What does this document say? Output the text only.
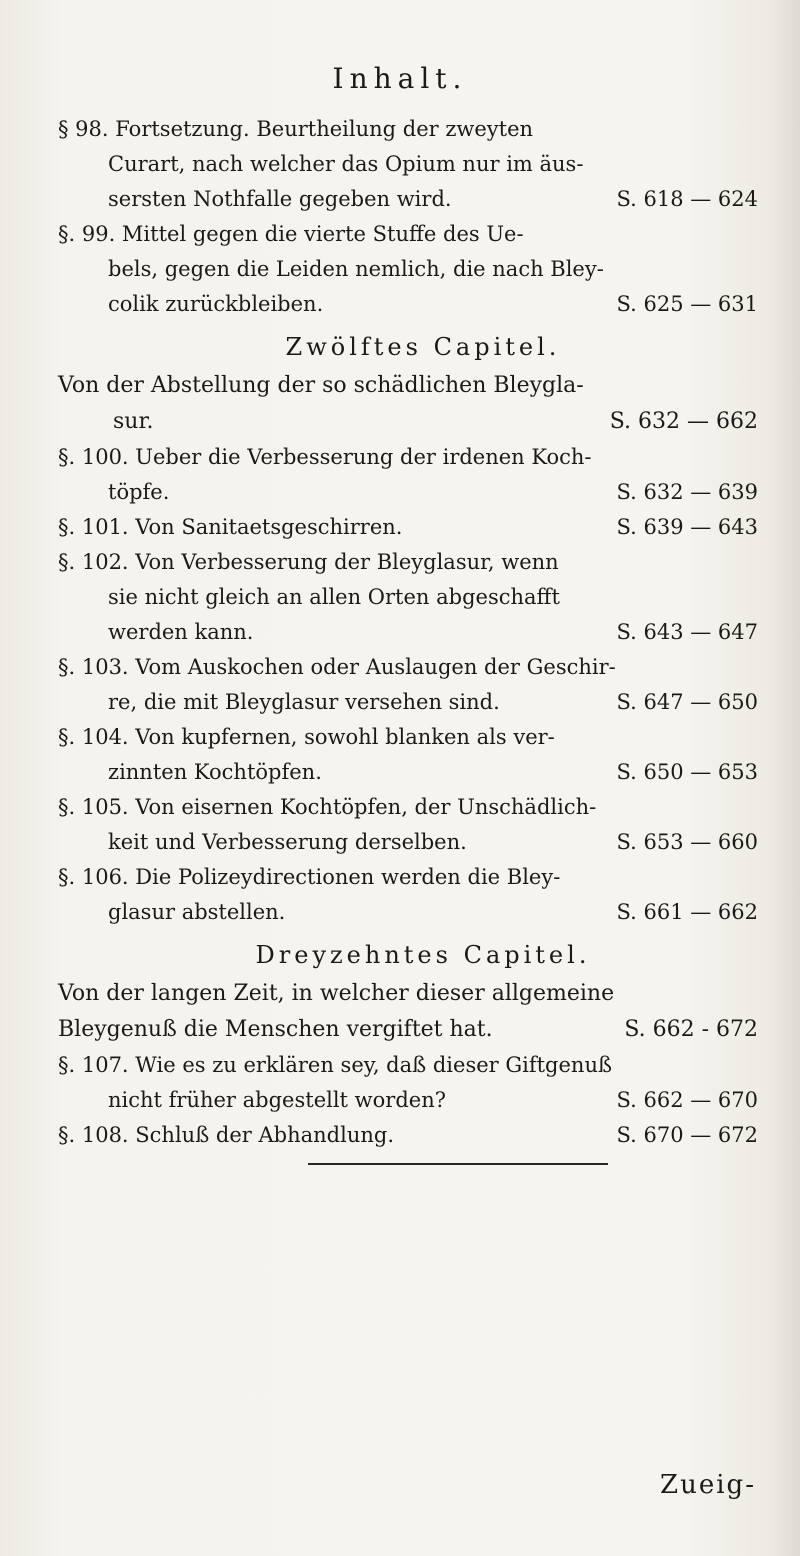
Inhalt.
§ 98. Fortsetzung. Beurtheilung der zweyten
Curart, nach welcher das Opium nur im äus-
sersten Nothfalle gegeben wird.	S. 618 — 624
§. 99. Mittel gegen die vierte Stuffe des Ue-
bels, gegen die Leiden nemlich, die nach Bley-
colik zurückbleiben.	S. 625 — 631
Zwölftes Capitel.
Von der Abstellung der so schädlichen Bleygla-
sur.	S. 632 — 662
§. 100. Ueber die Verbesserung der irdenen Koch-
töpfe.	S. 632 — 639
§. 101. Von Sanitaetsgeschirren.	S. 639 — 643
§. 102. Von Verbesserung der Bleyglasur, wenn
sie nicht gleich an allen Orten abgeschafft
werden kann.	S. 643 — 647
§. 103. Vom Auskochen oder Auslaugen der Geschir-
re, die mit Bleyglasur versehen sind.	S. 647 — 650
§. 104. Von kupfernen, sowohl blanken als ver-
zinnten Kochtöpfen.	S. 650 — 653
§. 105. Von eisernen Kochtöpfen, der Unschädlich-
keit und Verbesserung derselben.	S. 653 — 660
§. 106. Die Polizeydirectionen werden die Bley-
glasur abstellen.	S. 661 — 662
Dreyzehntes Capitel.
Von der langen Zeit, in welcher dieser allgemeine
Bleygenuß die Menschen vergiftet hat.	S. 662 - 672
§. 107. Wie es zu erklären sey, daß dieser Giftgenuß
nicht früher abgestellt worden?	S. 662 — 670
§. 108. Schluß der Abhandlung.	S. 670 — 672
Zueig-
